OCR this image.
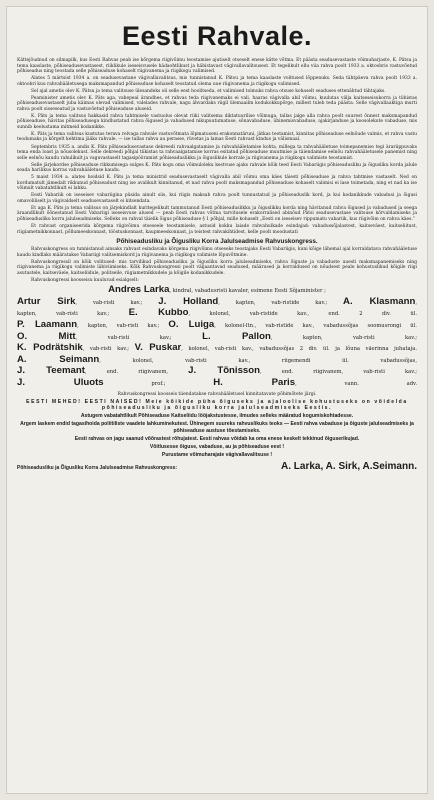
Eesti Rahvale.

Kättejõudnud on silmapilk, kus Eesti Rahvas peab ise kõrgema riigivõimu teostamise ajutiselt otseselt enese kätte võtma. Et päästa seadusevastaste võimuharjaste, K. Pätsu ja tema kaaslaste, põhiseadusevastasest, riiklikule iseseisvusele hädaohtlikust ja häbistavast vägivallavalitsusest. Et tegelikult ellu viia rahva poolt 1933 a. oktoobris vastuvõetud põhiseadus ning teostada selle põhiseaduse kohaselt riigivanema ja riigikogu valimised.

Alates 5 märtsist 1934 a. on seadusevastane vägivallavalitsus, mis tunnistanud K. Pätsu ja tema kaaslaste volitused lõppenuks. Seda tähtpäeva rahva poolt 1933 a. oktoobri kuu rahvahääletusega maksmapandud põhiseaduse kohaselt teostatud olema uue riigivanema ja riigikogu valimised.

Sel ajal ametis olev K. Pätsu ja tema valitsuse ülesandeks oli selle eest hoolitseda, et valimised toimuks rahva otsuse kohaselt seaduses ettenähtud tähtajaks.

Peaminister ametis olev K. Päts aga, vahepeal ärandhes, et rahvas teda riigivanemaks ei vali, haaras vägivalla abil võimu, kuulutas välja kaitseseisukorra ja tühistas põhiseadusevastaselt juba käimas olevad valimised, valelades rahvale, nagu ähvardaks riigil ülemaailm kodukokkupõrge, millest tuleb teda päästa. Selle vägivallaaktiga murti rahva poolt sisseseatud ja vastuvõetud põhiseaduse aluseid.

K. Päts ja tema valitsus hakkasid rahva tahtmisele vastuolus olevat riiki valitsema diktatuurilise võimuga, tallas jalge alla rahva poolt suurest õnnest maksmapandud põhiseaduse, hävitas põhiseadusega kindlustatud rahva õigused ja vabadused nikupuutumatuse, sõnavabaduse, ühinemisvabaduse, ajakirjanduse ja koosolekute vabaduse, mis sunnib keelustama mitmeid kodanikke.

K. Päts ja tema valitsus kustutas terava relvaga rahvale vastuvõtmata lõpmatuseni erakonnatäruni, jätkas teotamist, kinnitas põhiseaduse eelnõude valmis, et rahva vastu teodumaks ja kõrgelt kehtima jääks rahvale, — ise tallas rahva au perasse, rüvetas ja lamas Eesti rahvast kindus ja välismaal.

Septembris 1935 a. andis K. Päts põhiseadusevastase dekreedi rahvaalgatamise ja rahvahääletamise kohta, millega ta rahvahääletuse toimepanemise tegi ärariippuvaks tema enda loast ja nõusolekust. Selle dekreedi põhjal tiikistas ta rahvaalgatamise korras esitatud põhiseaduse muutmise ja täiendamise eelnõu rahvahääletusele panemist ning selle eelnõu kaudu rahulikult ja vaguvastaselt tagasipööramist põhiseaduslikku ja õiguslikule korrale ja riigivanema ja riigikogu valimiste teostamist.

Selle järjekordse põhiseaduse rikkumisega sulges K. Päts kogu oma võimuloleku kestvuse ajaks rahvale kõik teed Eesti Vabariigis põhiseadusliku ja õigusliku korda jalule seada harilikus korras vahvahääletuse kaudu.

5 maist 1934 a. alates hoidsid K. Päts ja tema ministrid seadusevastaselt vägivalla abil võimu oma käes täiesti põhiseaduse ja rahva tahtmise vastaselt. Ned on kordumatult jämedalt rikkunud põhiseadust ning ise avalikult kinnitanud, et nad rahva poolt maksmapandud põhiseaduse kohaselt valimisi ei lase toimetada, ning et nad ka ise võimult vabatahtlikult ei lahku.

Eesti Vabariik on iseseisev vabariigina püsida ainult siis, kui riigis maksab rahva poolt tunnustatud ja põhiseaduslik kord, ja kui kodanikkude vabadusi ja õigusi omavoliliselt ja vägivaldselt seadusevastaselt ei kitsendata.

Et aga K. Päts ja tema valitsus on järjekindlalt kuritegelikult tammutanud Eesti põhiseaduslikku ja õiguslikku korda ning hävitanud rahva õigused ja vabadused ja seega äraandlikult õõnestanud Eesti Vabariigi iseseisvuse alused — peab Eesti rahvas võtma tarvitusele erakorralised abinõud Pätsi seadusevastase valitsuse kõrvaldamiseks ja põhiseadusliku korra jalulseadmiseks. Selleks on rahval täielik õigus põhiseaduse § 1 põhjal, mille kohaselt „Eesti on iseseisev rippumatu vabariik, kus riigivõim on rahva käes.“

Et rahvast organiseerida kõrgema riigivõimu otseseele teostamisele, astusid kokku laiade rahvahulkade esindajad: vabadussõjalastest, kaitseväest, kaitseliitust, riigiametnikkonnast, põllumeeskonnast, tööstuskonnast, kaupmeeskonnast, ja teistest rahvakihtidest, kelle poolt moodustati

Põhiseadusliku ja Õigusliku Korra Jalulseadmise Rahvuskongress.

Rahvuskongress on tunnistanud ainsaks rahvast esindavaks kõrgema riigivõimu otseseks teostajaks Eesti Vabariigis, kuni kõige lähemal ajal korraldatava rahvahääletuse kaudu kindlaks määratakse Vabariigi valitsemiskord ja riigivanema ja riigikogu valimiste lõpuvõtmine.

Rahvuskongressil on kõik volitused- mis tarvilikud põhiseadusliku ja õigusliku korra jalulseadmiseks, rahva õiguste ja vabaduste uuesti maksmapanemiseks ning riigivanema ja riigikogu valimiste läbiviimiseks. Kõik Rahvuskongressi poolt väljaantavad seadused, määrused ja korraldused on nõudsest peale kohustuslikud kõigile riigi asutustele, kaitseväele, kaitseliidule, politseile, riigiametnikkudele ja kõigile kodanikkudele.

Rahvuskongressi koosseisu kuuluvad esialgselt:

Andres Larka, kindral, vabadusristi kavaler, esimene Eesti Sõjaminister ;
Artur Sirk, vab-risti kav.; J. Holland, kapten, vab-ristide kav.; A. Klasmann,
kapten, vab-risti kav.; E. Kubbo, kolonel, vab-ristide kav., end. 2 div. ül.
P. Laamann, kapten, vab-risti kav.; O. Luiga, kolonel-ltn., vab-ristide kav., vabadussõjas soomusrongi ül.
O. Mitt, vab-risti kav.;	L. Pallon, kapten, vab-risti kav.;
K. Podrätshik, vab-risti kav.; V. Puskar, kolonel, vab-risti kav., vabadussõjas 2 div. ül. ja lõuna väerinna juhataja.
A. Seimann, kolonel, vab-risti kav., riigemendi ül. vabadussõjas,
J. Teemant, end. riigivanem, J. Tõnisson, end. riigivanem, vab-risti kav.;
J. Uluots	prof.;	H. Paris, vann. adv.
Rahvuskongressi koosseis tiiendatakse rahvahääletusel kinnitatavate põhimõtete järgi.
EESTI MEHED! EESTI NAISED! Meie kõikide püha õiguseks ja ajaloolise kohustuseks on võidelda põhiseadusliku ja õigusliku korra jalulseadmiseks Eestis.
Astugem vabatahtlikult Põhiseaduse Kaitseliidu lööjakstustesse, ilmudes selleks määratud kogumiskohtadesse.
Argem laskem endid tagasihoida poliitiliste vaadete lahkuminekutest. Ühinegem suureks rahvuslikuks teoks — Eesti rahva vabaduse ja õiguste jalulseadmiseks ja põhiseaduse austuse tõestamiseks.
Eesti rahvas on jagu saanud võõrastest rõhujatest. Eesti rahvas võidab ka oma enese keskelt tekkinud õiguserikujad.
Võitlusesse õiguse, vabaduse, au ja põhiseaduse eest !
Purustame võimuharajate vägivallavalitsuse !
Põhiseadusliku ja Õigusliku Korra Jalulseadmise Rahvuskongress:	A. Larka, A. Sirk, A.Seimann.
